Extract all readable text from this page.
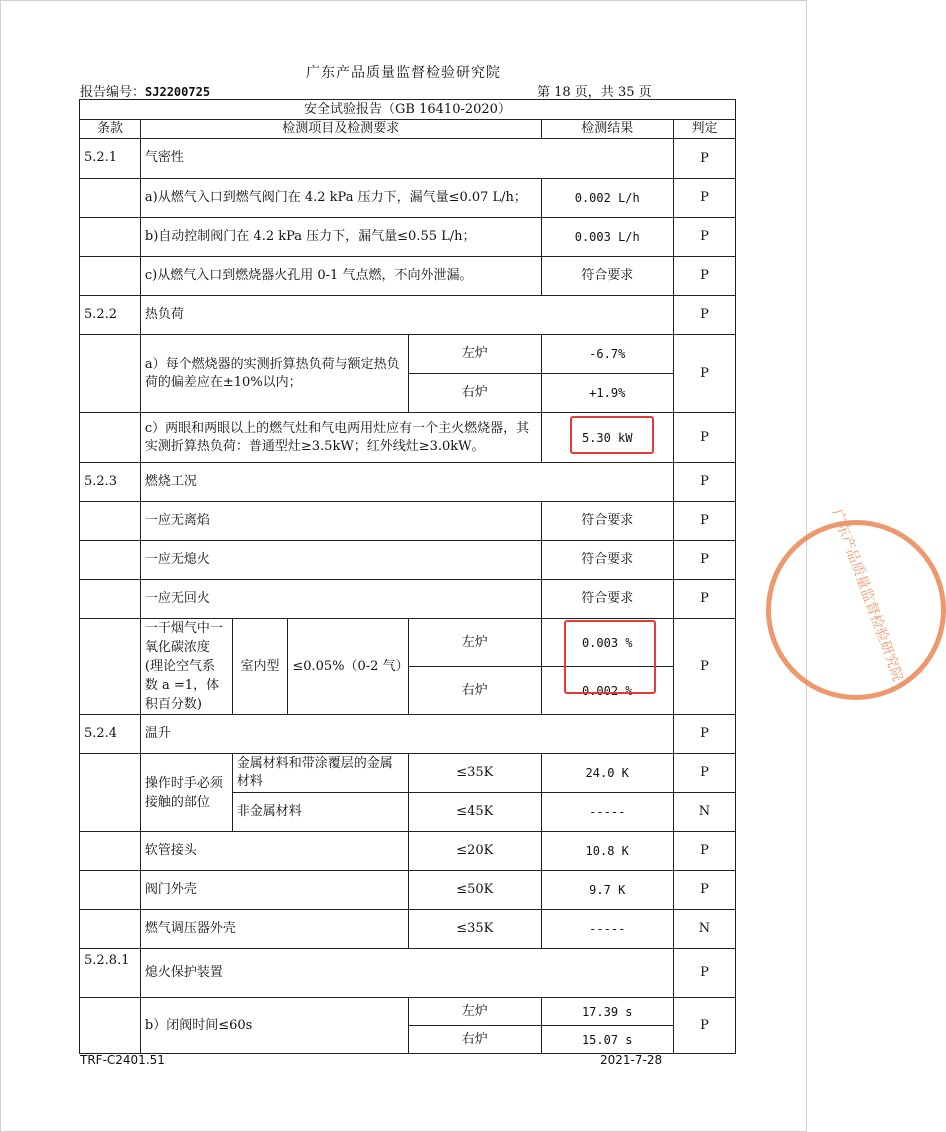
广东产品质量监督检验研究院
报告编号：SJ2200725	第 18 页，共 35 页
安全试验报告（GB 16410-2020）						
条款	检测项目及检测要求				检测结果	判定
5.2.1	气密性					P
	a)从燃气入口到燃气阀门在 4.2 kPa 压力下，漏气量≤0.07 L/h；				0.002 L/h	P
	b)自动控制阀门在 4.2 kPa 压力下，漏气量≤0.55 L/h；				0.003 L/h	P
	c)从燃气入口到燃烧器火孔用 0-1 气点燃，不向外泄漏。				符合要求	P
5.2.2	热负荷					P
	a）每个燃烧器的实测折算热负荷与额定热负荷的偏差应在±10%以内；			左炉	-6.7%	P
				右炉	+1.9%	
	c）两眼和两眼以上的燃气灶和气电两用灶应有一个主火燃烧器，其实测折算热负荷：普通型灶≥3.5kW；红外线灶≥3.0kW。				5.30 kW	P
5.2.3	燃烧工况					P
	一应无离焰				符合要求	P
	一应无熄火				符合要求	P
	一应无回火				符合要求	P
	一干烟气中一氧化碳浓度(理论空气系数 a =1，体积百分数)	室内型	≤0.05%（0-2 气）	左炉	0.003 %	P
				右炉	0.002 %	
5.2.4	温升					P
	操作时手必须接触的部位	金属材料和带涂覆层的金属材料		≤35K	24.0 K	P
		非金属材料		≤45K	-----	N
	软管接头			≤20K	10.8 K	P
	阀门外壳			≤50K	9.7 K	P
	燃气调压器外壳			≤35K	-----	N
5.2.8.1	熄火保护装置					P
	b）闭阀时间≤60s			左炉	17.39 s	P
				右炉	15.07 s	
广东产品质量监督检验研究院
TRF-C2401.51	2021-7-28
